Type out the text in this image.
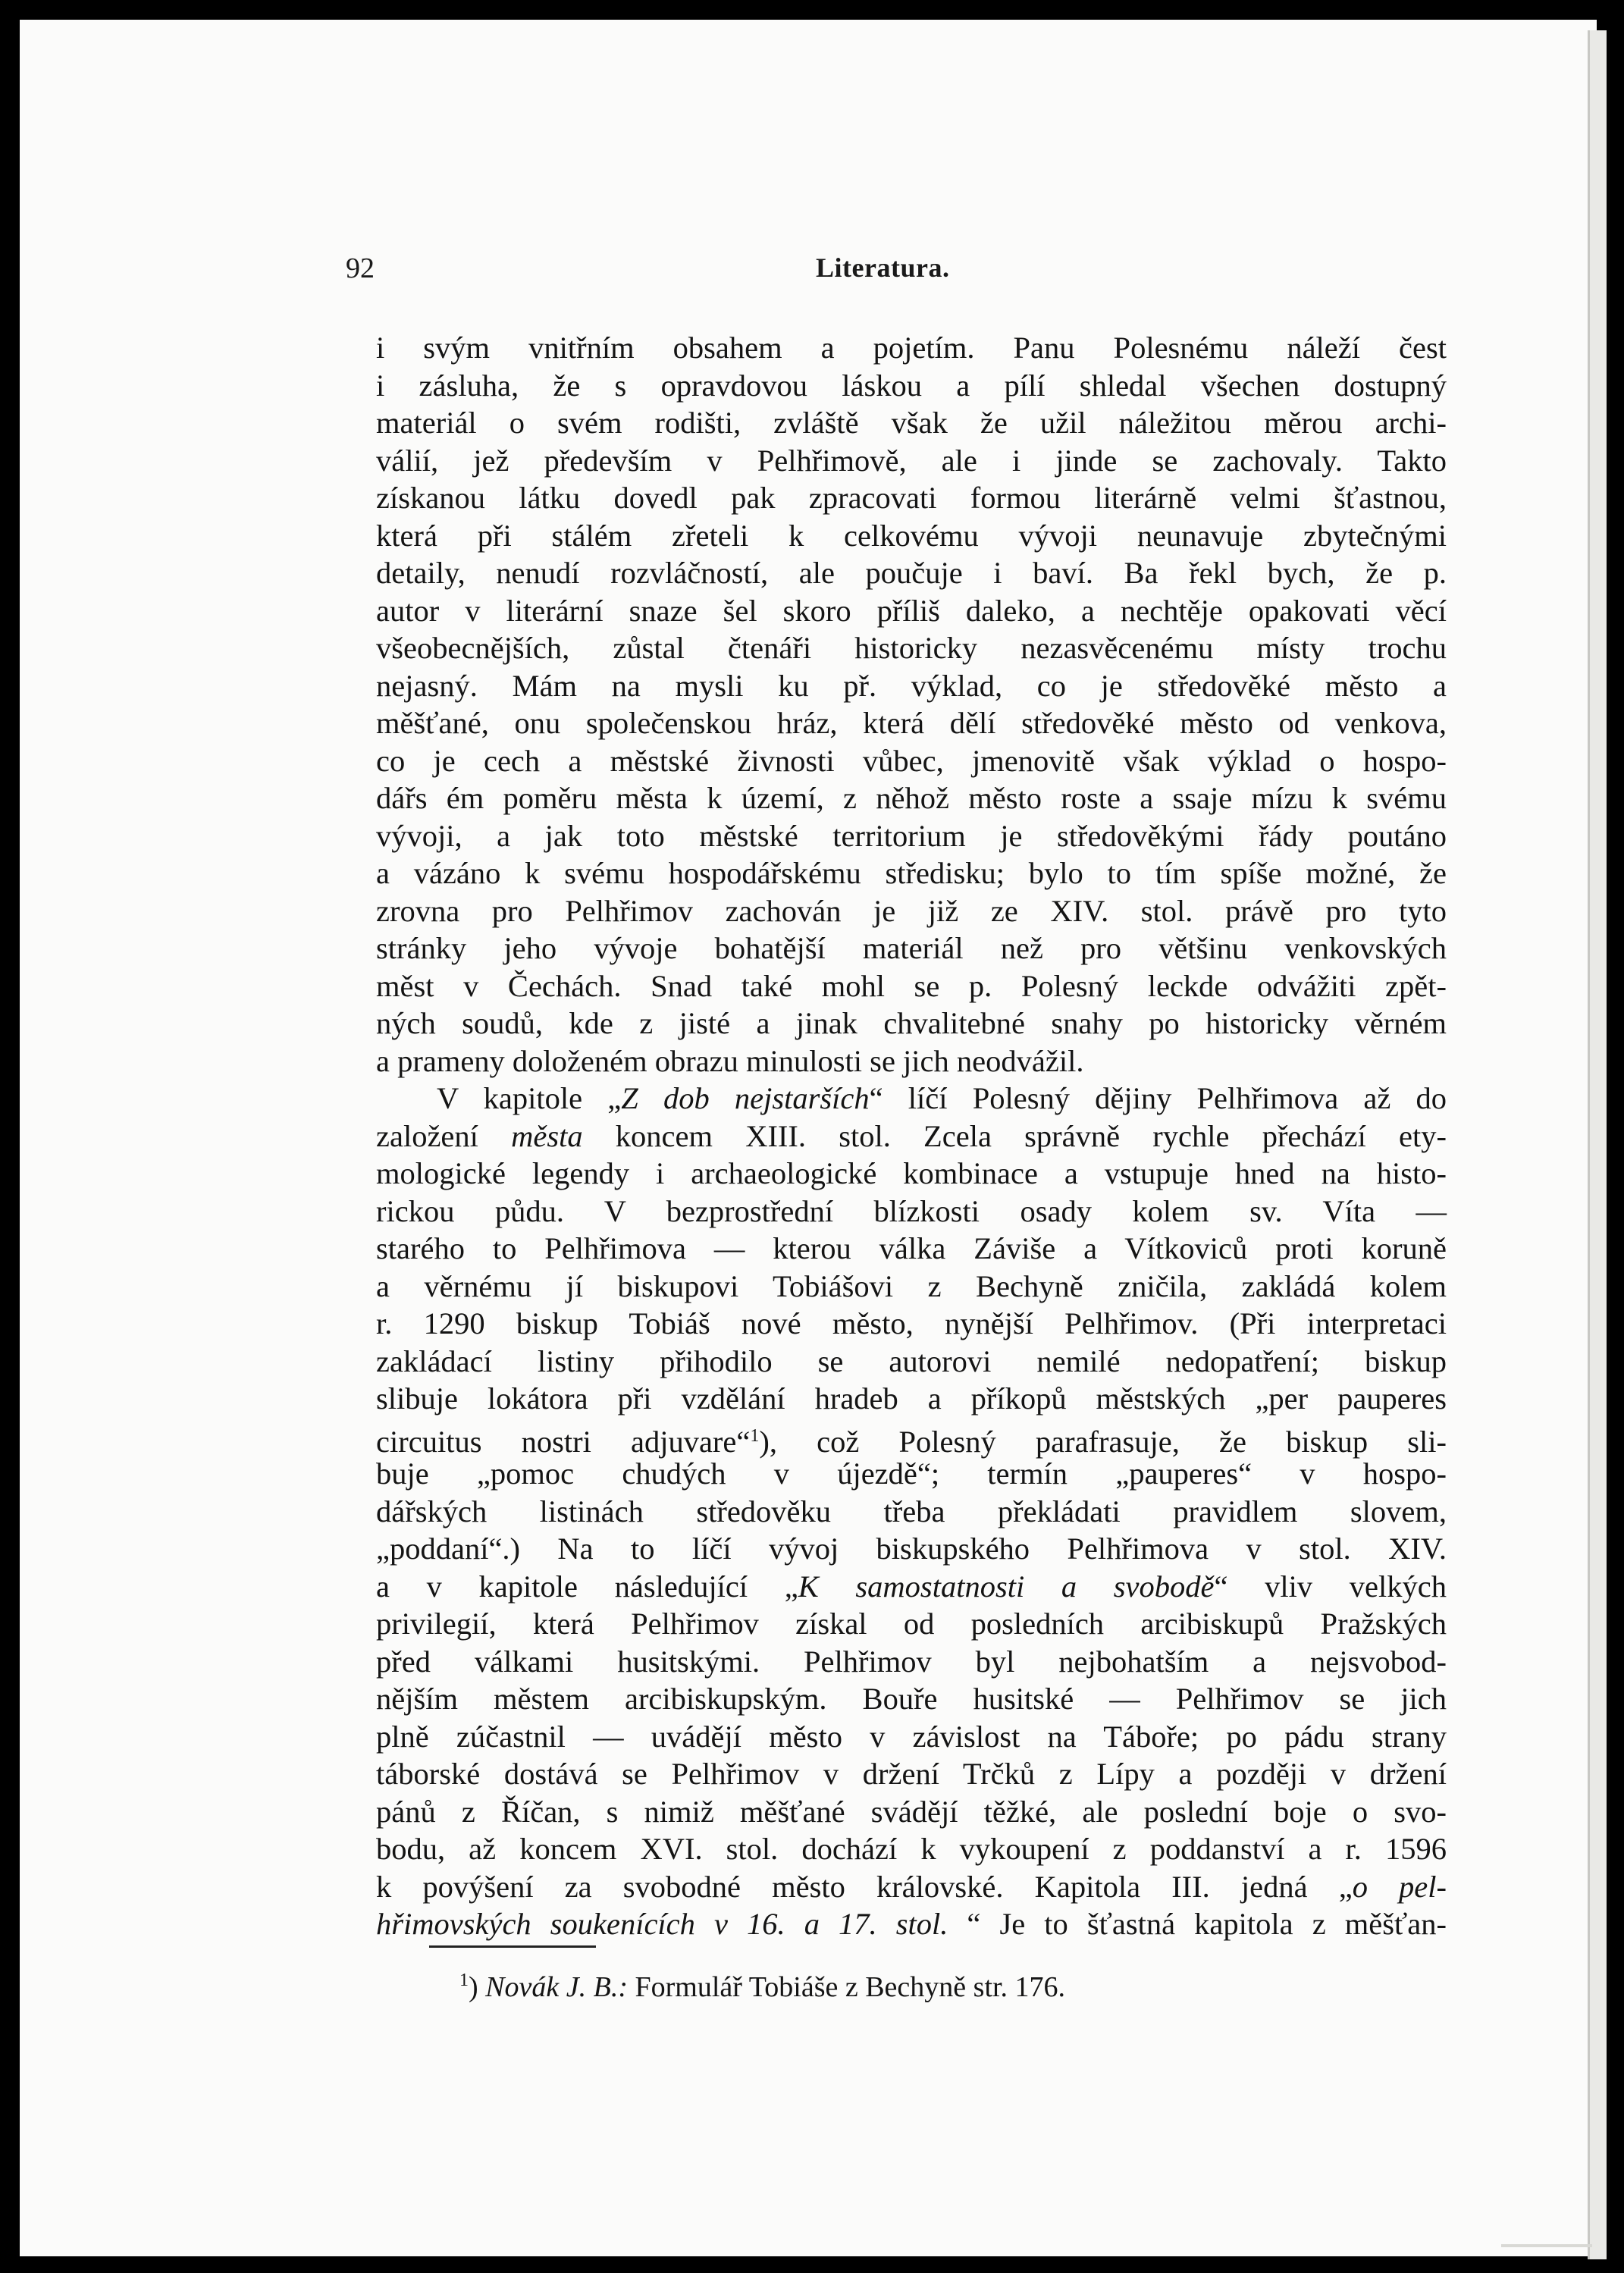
92	Literatura.
i svým vnitřním obsahem a pojetím. Panu Polesnému náleží čest
i zásluha, že s opravdovou láskou a pílí shledal všechen dostupný
materiál o svém rodišti, zvláště však že užil náležitou měrou archi-
válií, jež především v Pelhřimově, ale i jinde se zachovaly. Takto
získanou látku dovedl pak zpracovati formou literárně velmi šťastnou,
která při stálém zřeteli k celkovému vývoji neunavuje zbytečnými
detaily, nenudí rozvláčností, ale poučuje i baví. Ba řekl bych, že p.
autor v literární snaze šel skoro příliš daleko, a nechtěje opakovati věcí
všeobecnějších, zůstal čtenáři historicky nezasvěcenému místy trochu
nejasný. Mám na mysli ku př. výklad, co je středověké město a
měšťané, onu společenskou hráz, která dělí středověké město od venkova,
co je cech a městské živnosti vůbec, jmenovitě však výklad o hospo-
dářs ém poměru města k území, z něhož město roste a ssaje mízu k svému
vývoji, a jak toto městské territorium je středověkými řády poutáno
a vázáno k svému hospodářskému středisku; bylo to tím spíše možné, že
zrovna pro Pelhřimov zachován je již ze XIV. stol. právě pro tyto
stránky jeho vývoje bohatější materiál než pro většinu venkovských
měst v Čechách. Snad také mohl se p. Polesný leckde odvážiti zpět-
ných soudů, kde z jisté a jinak chvalitebné snahy po historicky věrném
a prameny doloženém obrazu minulosti se jich neodvážil.
V kapitole „Z dob nejstarších“ líčí Polesný dějiny Pelhřimova až do
založení města koncem XIII. stol. Zcela správně rychle přechází ety-
mologické legendy i archaeologické kombinace a vstupuje hned na histo-
rickou půdu. V bezprostřední blízkosti osady kolem sv. Víta —
starého to Pelhřimova — kterou válka Záviše a Vítkoviců proti koruně
a věrnému jí biskupovi Tobiášovi z Bechyně zničila, zakládá kolem
r. 1290 biskup Tobiáš nové město, nynější Pelhřimov. (Při interpretaci
zakládací listiny přihodilo se autorovi nemilé nedopatření; biskup
slibuje lokátora při vzdělání hradeb a příkopů městských „per pauperes
circuitus nostri adjuvare“$^1$), což Polesný parafrasuje, že biskup sli-
buje „pomoc chudých v újezdě“; termín „pauperes“ v hospo-
dářských listinách středověku třeba překládati pravidlem slovem,
„poddaní“.) Na to líčí vývoj biskupského Pelhřimova v stol. XIV.
a v kapitole následující „K samostatnosti a svobodě“ vliv velkých
privilegií, která Pelhřimov získal od posledních arcibiskupů Pražských
před válkami husitskými. Pelhřimov byl nejbohatším a nejsvobod-
nějším městem arcibiskupským. Bouře husitské — Pelhřimov se jich
plně zúčastnil — uvádějí město v závislost na Táboře; po pádu strany
táborské dostává se Pelhřimov v držení Trčků z Lípy a později v držení
pánů z Říčan, s nimiž měšťané svádějí těžké, ale poslední boje o svo-
bodu, až koncem XVI. stol. dochází k vykoupení z poddanství a r. 1596
k povýšení za svobodné město královské. Kapitola III. jedná „o pel-
hřimovských soukenících v 16. a 17. stol. “ Je to šťastná kapitola z měšťan-
$^1$) Novák J. B.: Formulář Tobiáše z Bechyně str. 176.
